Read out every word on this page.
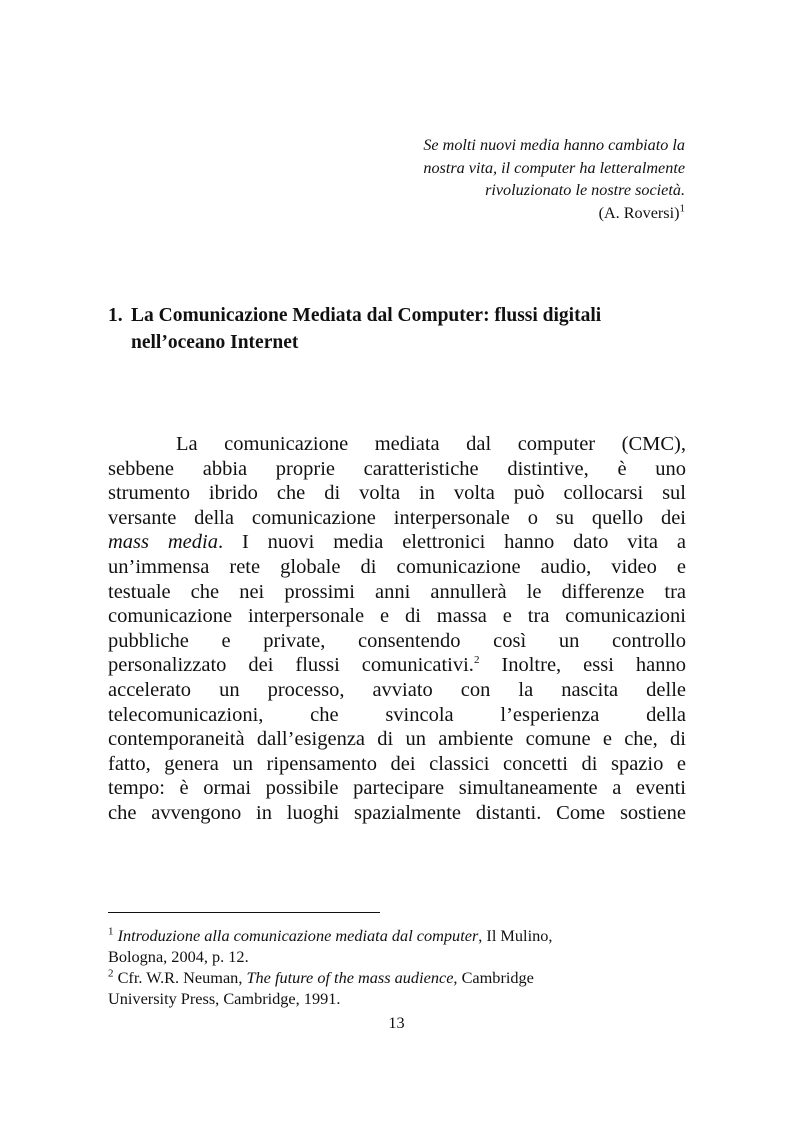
Se molti nuovi media hanno cambiato la
nostra vita, il computer ha letteralmente
rivoluzionato le nostre società.
(A. Roversi)$^1$
1. La Comunicazione Mediata dal Computer: flussi digitali
nell’oceano Internet
La comunicazione mediata dal computer (CMC),
sebbene abbia proprie caratteristiche distintive, è uno
strumento ibrido che di volta in volta può collocarsi sul
versante della comunicazione interpersonale o su quello dei
mass media. I nuovi media elettronici hanno dato vita a
un’immensa rete globale di comunicazione audio, video e
testuale che nei prossimi anni annullerà le differenze tra
comunicazione interpersonale e di massa e tra comunicazioni
pubbliche e private, consentendo così un controllo
personalizzato dei flussi comunicativi.$^2$ Inoltre, essi hanno
accelerato un processo, avviato con la nascita delle
telecomunicazioni, che svincola l’esperienza della
contemporaneità dall’esigenza di un ambiente comune e che, di
fatto, genera un ripensamento dei classici concetti di spazio e
tempo: è ormai possibile partecipare simultaneamente a eventi
che avvengono in luoghi spazialmente distanti. Come sostiene
$^1$ Introduzione alla comunicazione mediata dal computer, Il Mulino,
Bologna, 2004, p. 12.
$^2$ Cfr. W.R. Neuman, The future of the mass audience, Cambridge
University Press, Cambridge, 1991.
13
